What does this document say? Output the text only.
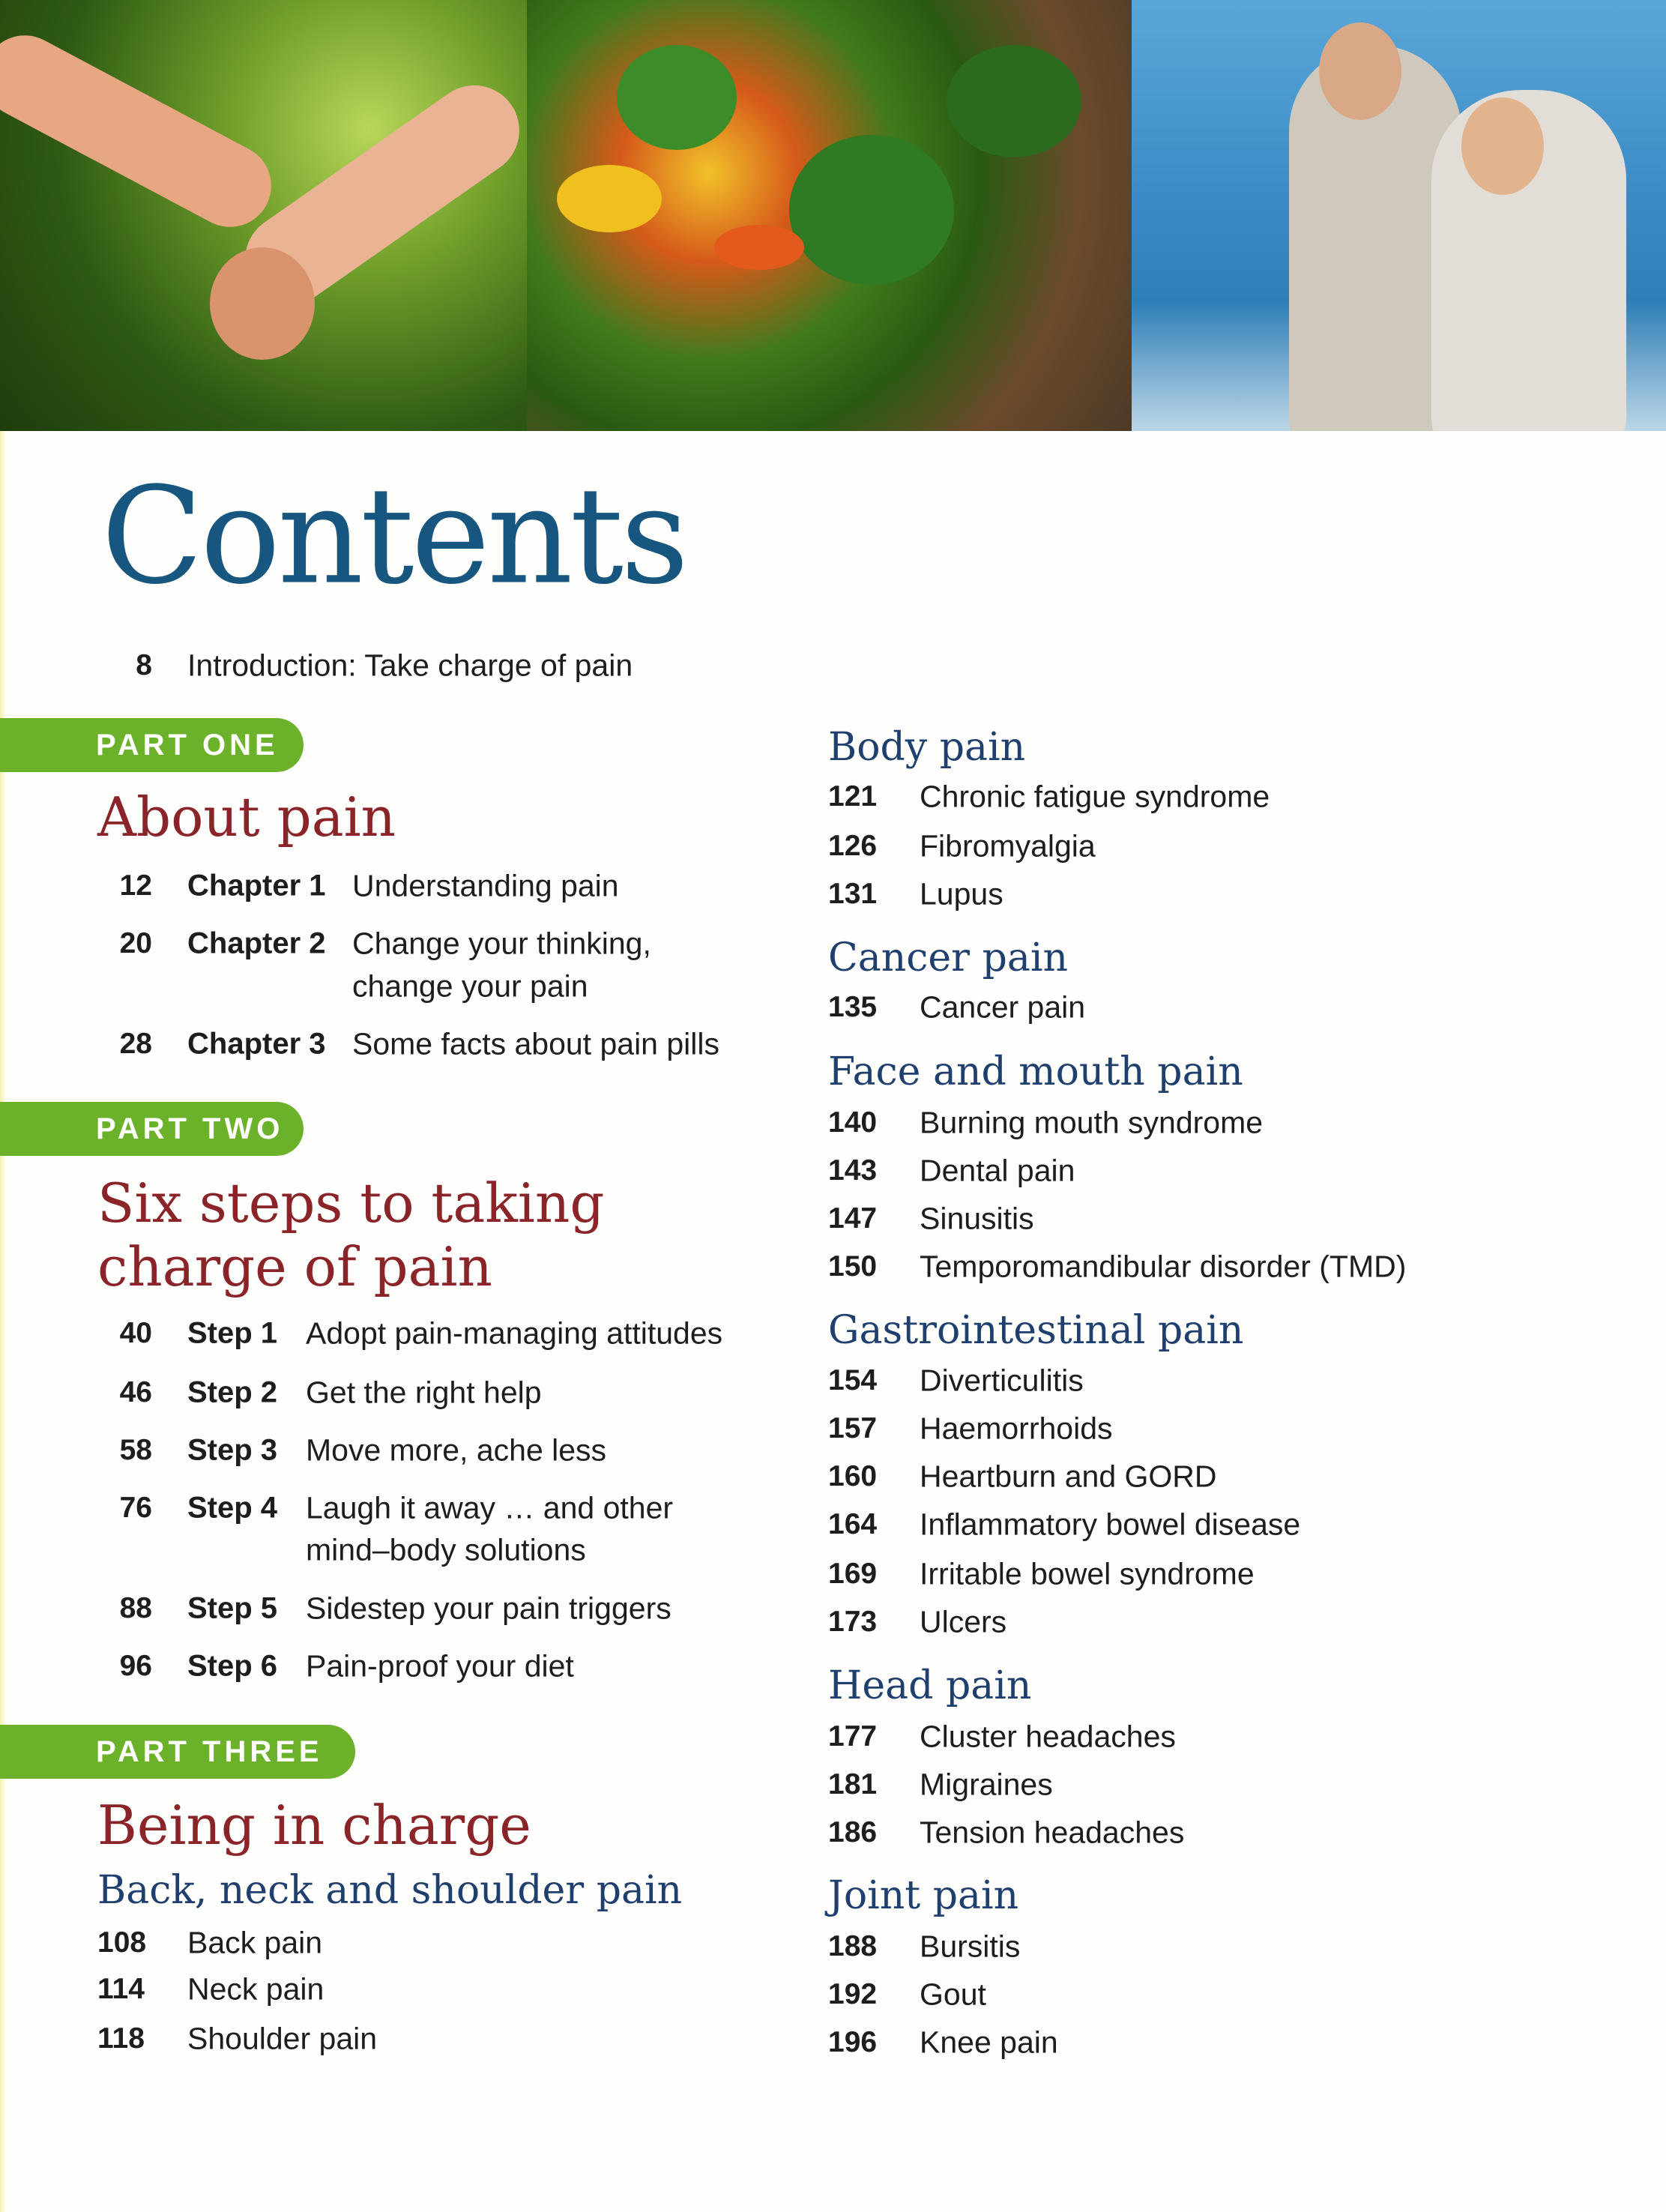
Contents
8 Introduction: Take charge of pain
PART ONE
About pain
12 Chapter 1 Understanding pain
20 Chapter 2 Change your thinking,
change your pain
28 Chapter 3 Some facts about pain pills
PART TWO
Six steps to taking
charge of pain
40 Step 1 Adopt pain-managing attitudes
46 Step 2 Get the right help
58 Step 3 Move more, ache less
76 Step 4 Laugh it away … and other
mind–body solutions
88 Step 5 Sidestep your pain triggers
96 Step 6 Pain-proof your diet
PART THREE
Being in charge
Back, neck and shoulder pain
108 Back pain
114 Neck pain
118 Shoulder pain
Body pain
121 Chronic fatigue syndrome
126 Fibromyalgia
131 Lupus
Cancer pain
135 Cancer pain
Face and mouth pain
140 Burning mouth syndrome
143 Dental pain
147 Sinusitis
150 Temporomandibular disorder (TMD)
Gastrointestinal pain
154 Diverticulitis
157 Haemorrhoids
160 Heartburn and GORD
164 Inflammatory bowel disease
169 Irritable bowel syndrome
173 Ulcers
Head pain
177 Cluster headaches
181 Migraines
186 Tension headaches
Joint pain
188 Bursitis
192 Gout
196 Knee pain
